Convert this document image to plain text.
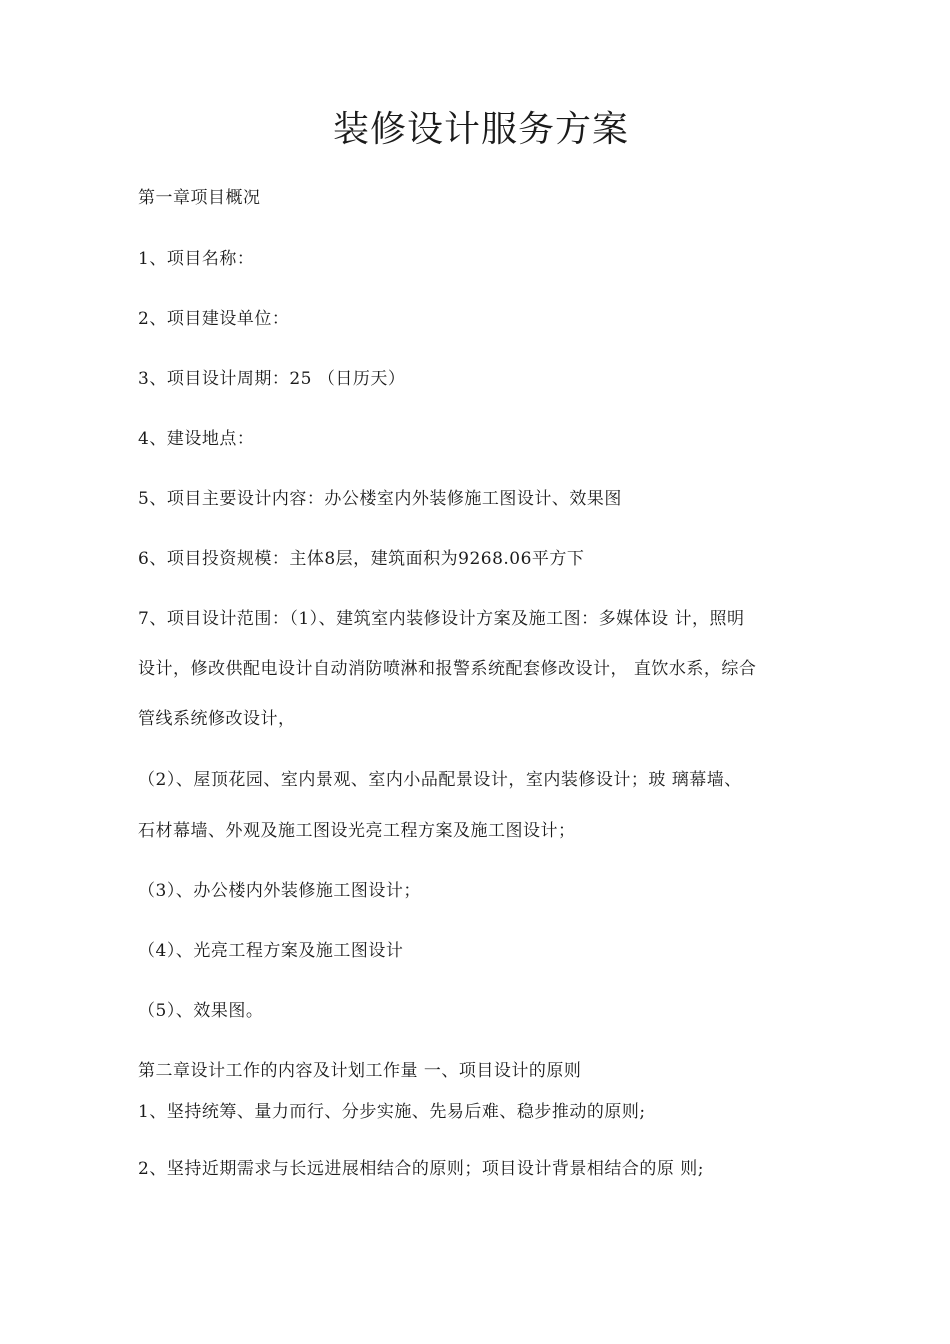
装修设计服务方案
第一章项目概况
1、项目名称：
2、项目建设单位：
3、项目设计周期：25 （日历天）
4、建设地点：
5、项目主要设计内容：办公楼室内外装修施工图设计、效果图
6、项目投资规模：主体8层，建筑面积为9268.06平方下
7、项目设计范围：（1）、建筑室内装修设计方案及施工图：多媒体设 计，照明
设计，修改供配电设计自动消防喷淋和报警系统配套修改设计， 直饮水系，综合
管线系统修改设计，
（2）、屋顶花园、室内景观、室内小品配景设计，室内装修设计；玻 璃幕墙、
石材幕墙、外观及施工图设光亮工程方案及施工图设计；
（3）、办公楼内外装修施工图设计；
（4）、光亮工程方案及施工图设计
（5）、效果图。
第二章设计工作的内容及计划工作量 一、项目设计的原则
1、坚持统筹、量力而行、分步实施、先易后难、稳步推动的原则;
2、坚持近期需求与长远进展相结合的原则；项目设计背景相结合的原 则;
